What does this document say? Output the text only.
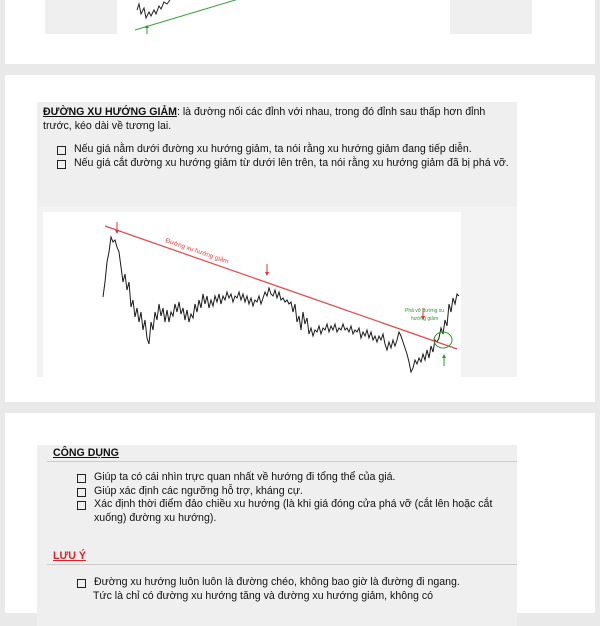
ĐƯỜNG XU HƯỚNG GIẢM: là đường nối các đỉnh với nhau, trong đó đỉnh sau thấp hơn đỉnh trước, kéo dài về tương lai.
Nếu giá nằm dưới đường xu hướng giảm, ta nói rằng xu hướng giảm đang tiếp diễn.
Nếu giá cắt đường xu hướng giảm từ dưới lên trên, ta nói rằng xu hướng giảm đã bị phá vỡ.
Đường xu hướng giảm
Phá vỡ đường xu
hướng giảm
CÔNG DỤNG
Giúp ta có cái nhìn trực quan nhất về hướng đi tổng thể của giá.
Giúp xác định các ngưỡng hỗ trợ, kháng cự.
Xác định thời điểm đảo chiều xu hướng (là khi giá đóng cửa phá vỡ (cắt lên hoặc cắt xuống) đường xu hướng).
LƯU Ý
Đường xu hướng luôn luôn là đường chéo, không bao giờ là đường đi ngang.
Tức là chỉ có đường xu hướng tăng và đường xu hướng giảm, không có
